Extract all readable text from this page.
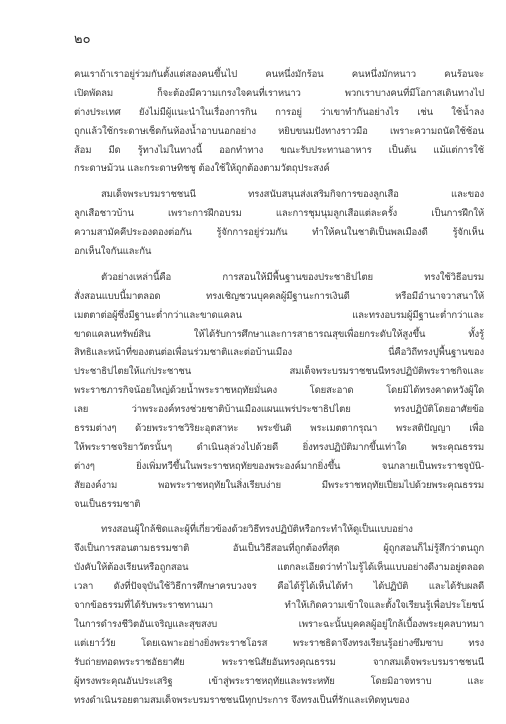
๒๐
คนเราถ้าเราอยู่ร่วมกันตั้งแต่สองคนขึ้นไป คนหนึ่งมักร้อน คนหนึ่งมักหนาว คนร้อนจะ
เปิดพัดลม ก็จะต้องมีความเกรงใจคนที่เราหนาว พวกเราบางคนที่มีโอกาสเดินทางไป
ต่างประเทศ ยังไม่มีผู้แนะนำในเรื่องการกิน การอยู่ ว่าเขาทำกันอย่างไร เช่น ใช้น้ำลง
ถูกแล้วใช้กระดาษเช็ดก้นห้องน้ำอาบนอกอย่าง หยิบขนมปังทางราวมือ เพราะความถนัดใช้ช้อน
ส้อม มีด รู้ทางไม่ในทางนี้ ออกทำทาง ขณะรับประทานอาหาร เป็นต้น แม้แต่การใช้
กระดาษม้วน และกระดาษทิชชู ต้องใช้ให้ถูกต้องตามวัตถุประสงค์
สมเด็จพระบรมราชชนนี ทรงสนับสนุนส่งเสริมกิจการของลูกเสือ และของ
ลูกเสือชาวบ้าน เพราะการฝึกอบรม และการชุมนุมลูกเสือแต่ละครั้ง เป็นการฝึกให้
ความสามัคคีประองดองต่อกัน รู้จักการอยู่ร่วมกัน ทำให้คนในชาติเป็นพลเมืองดี รู้จักเห็น
อกเห็นใจกันและกัน
ตัวอย่างเหล่านี้คือ การสอนให้มีพื้นฐานของประชาธิปไตย ทรงใช้วิธีอบรม
สั่งสอนแบบนี้มาตลอด ทรงเชิญชวนบุคคลผู้มีฐานะการเงินดี หรือมีอำนาจวาสนาให้
เมตตาต่อผู้ซึ่งมีฐานะต่ำกว่าและขาดแคลน และทรงอบรมผู้มีฐานะต่ำกว่าและ
ขาดแคลนทรัพย์สิน ให้ได้รับการศึกษาและการสาธารณสุขเพื่อยกระดับให้สูงขึ้น ทั้งรู้
สิทธิและหน้าที่ของตนต่อเพื่อนร่วมชาติและต่อบ้านเมือง นี่คือวิถีทรงปูพื้นฐานของ
ประชาธิปไตยให้แก่ประชาชน สมเด็จพระบรมราชชนนีทรงปฏิบัติพระราชกิจและ
พระราชภารกิจน้อยใหญ่ด้วยน้ำพระราชหฤทัยมั่นคง โดยสะอาด โดยมิได้ทรงคาดหวังผู้ใด
เลย ว่าพระองค์ทรงช่วยชาติบ้านเมืองแผนแพร่ประชาธิปไตย ทรงปฏิบัติโดยอาศัยข้อ
ธรรมต่างๆ ด้วยพระราชวิริยะอุตสาหะ พระขันติ พระเมตตากรุณา พระสติปัญญา เพื่อ
ให้พระราชจริยาวัตรนั้นๆ ดำเนินลุล่วงไปด้วยดี ยิ่งทรงปฏิบัติมากขึ้นเท่าใด พระคุณธรรม
ต่างๆ ยิ่งเพิ่มทวีขึ้นในพระราชหฤทัยของพระองค์มากยิ่งขึ้น จนกลายเป็นพระราชจูบันิ-
สัยองค์งาม พอพระราชหฤทัยในสิ่งเรียบง่าย มีพระราชหฤทัยเปี่ยมไปด้วยพระคุณธรรม
จนเป็นธรรมชาติ
ทรงสอนผู้ใกล้ชิดและผู้ที่เกี่ยวข้องด้วยวิธีทรงปฏิบัติหรือกระทำให้ดูเป็นแบบอย่าง
จึงเป็นการสอนตามธรรมชาติ อันเป็นวิธีสอนที่ถูกต้องที่สุด ผู้ถูกสอนก็ไม่รู้สึกว่าตนถูก
บังคับให้ต้องเรียนหรือถูกสอน แตกละเอียดว่าทำไมรู้ได้เห็นแบบอย่างดีงามอยู่ตลอด
เวลา ดังที่ปัจจุบันใช้วิธีการศึกษาครบวงจร คือได้รู้ได้เห็นได้ทำ ได้ปฏิบัติ และได้รับผลดี
จากข้อธรรมที่ได้รับพระราชทานมา ทำให้เกิดความเข้าใจและตั้งใจเรียนรู้เพื่อประโยชน์
ในการดำรงชีวิตอันเจริญและสุขสงบ เพราะฉะนั้นบุคคลผู้อยู่ใกล้เบื้องพระยุคลบาทมา
แต่เยาว์วัย โดยเฉพาะอย่างยิ่งพระราชโอรส พระราชธิดาจึงทรงเรียนรู้อย่างซึมซาบ ทรง
รับถ่ายทอดพระราชอัธยาศัย พระราชนิสัยอันทรงคุณธรรม จากสมเด็จพระบรมราชชนนี
ผู้ทรงพระคุณอันประเสริฐ เข้าสู่พระราชหฤทัยและพระหทัย โดยมิอาจทราบ และ
ทรงดำเนินรอยตามสมเด็จพระบรมราชชนนีทุกประการ จึงทรงเป็นที่รักและเทิดทูนของ
